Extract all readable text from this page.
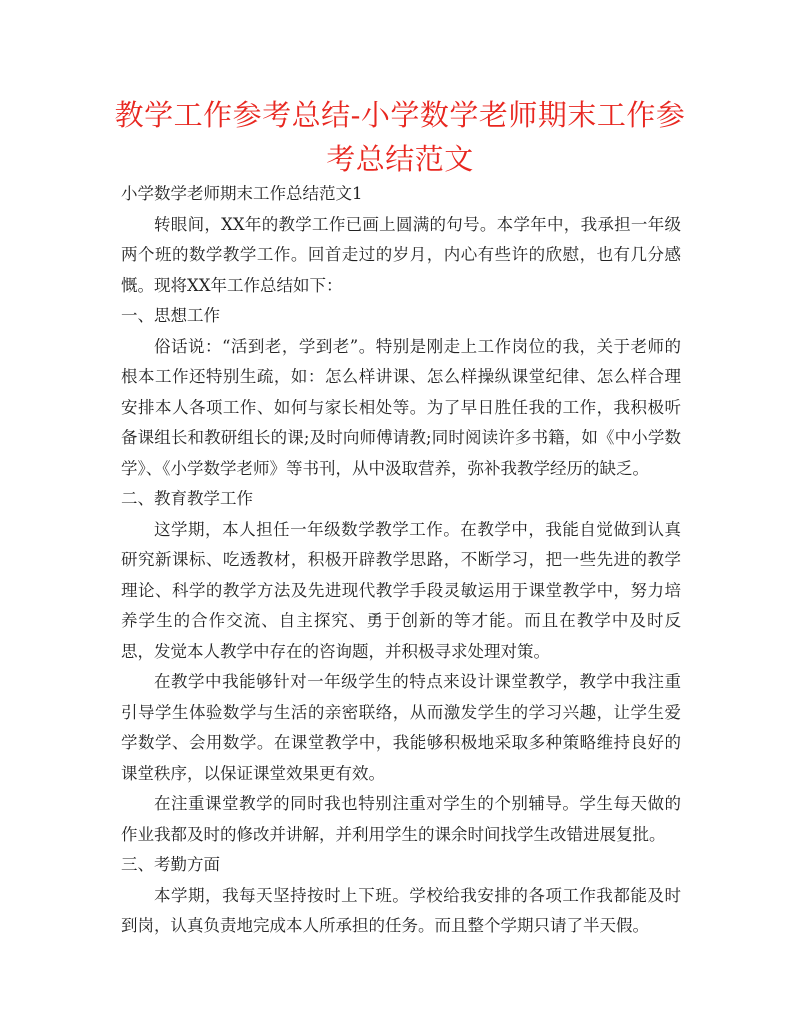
教学工作参考总结-小学数学老师期末工作参考总结范文

小学数学老师期末工作总结范文1

转眼间，XX年的教学工作已画上圆满的句号。本学年中，我承担一年级两个班的数学教学工作。回首走过的岁月，内心有些许的欣慰，也有几分感慨。现将XX年工作总结如下：

一、思想工作

俗话说：“活到老，学到老”。特别是刚走上工作岗位的我，关于老师的根本工作还特别生疏，如：怎么样讲课、怎么样操纵课堂纪律、怎么样合理安排本人各项工作、如何与家长相处等。为了早日胜任我的工作，我积极听备课组长和教研组长的课;及时向师傅请教;同时阅读许多书籍，如《中小学数学》、《小学数学老师》等书刊，从中汲取营养，弥补我教学经历的缺乏。

二、教育教学工作

这学期，本人担任一年级数学教学工作。在教学中，我能自觉做到认真研究新课标、吃透教材，积极开辟教学思路，不断学习，把一些先进的教学理论、科学的教学方法及先进现代教学手段灵敏运用于课堂教学中，努力培养学生的合作交流、自主探究、勇于创新的等才能。而且在教学中及时反思，发觉本人教学中存在的咨询题，并积极寻求处理对策。

在教学中我能够针对一年级学生的特点来设计课堂教学，教学中我注重引导学生体验数学与生活的亲密联络，从而激发学生的学习兴趣，让学生爱学数学、会用数学。在课堂教学中，我能够积极地采取多种策略维持良好的课堂秩序，以保证课堂效果更有效。

在注重课堂教学的同时我也特别注重对学生的个别辅导。学生每天做的作业我都及时的修改并讲解，并利用学生的课余时间找学生改错进展复批。

三、考勤方面

本学期，我每天坚持按时上下班。学校给我安排的各项工作我都能及时到岗，认真负责地完成本人所承担的任务。而且整个学期只请了半天假。
